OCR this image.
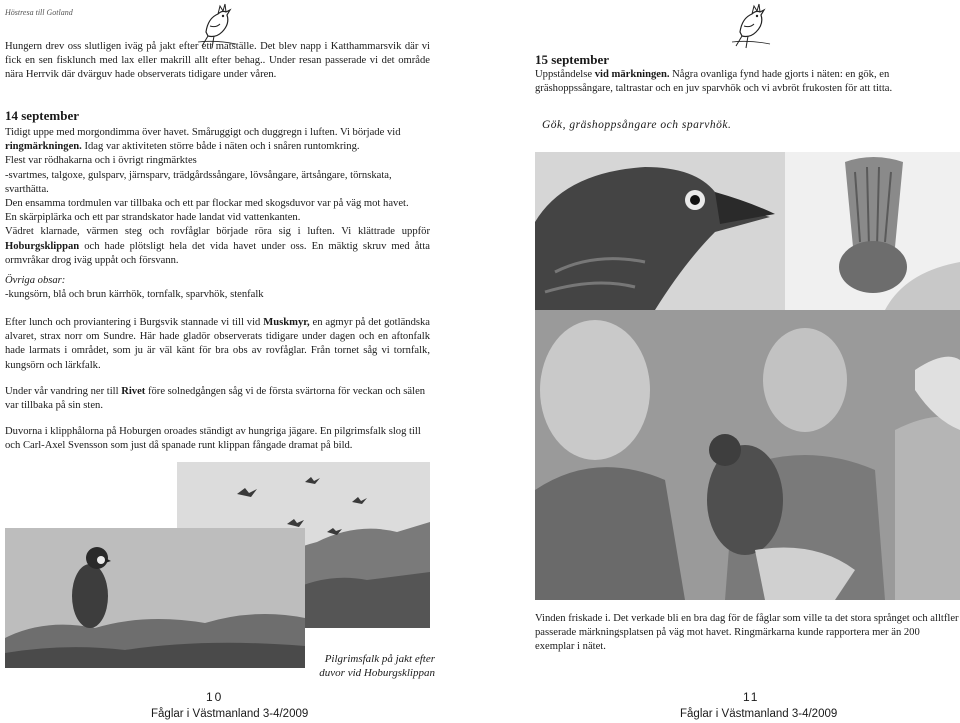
Höstresa till Gotland

Hungern drev oss slutligen iväg på jakt efter ett matställe. Det blev napp i Katthammarsvik där vi fick en sen fisklunch med lax eller makrill allt efter behag.. Under resan passerade vi det område nära Herrvik där dvärguv hade observerats tidigare under våren.

14 september

Tidigt uppe med morgondimma över havet. Småruggigt och duggregn i luften. Vi började vid ringmärkningen. Idag var aktiviteten större både i näten och i snåren runtomkring.

Flest var rödhakarna och i övrigt ringmärktes

-svartmes, talgoxe, gulsparv, järnsparv, trädgårdssångare, lövsångare, ärtsångare, törnskata, svarthätta.

Den ensamma tordmulen var tillbaka och ett par flockar med skogsduvor var på väg mot havet.

En skärpiplärka och ett par strandskator hade landat vid vattenkanten.

Vädret klarnade, värmen steg och rovfåglar började röra sig i luften. Vi klättrade uppför Hoburgsklippan och hade plötsligt hela det vida havet under oss. En mäktig skruv med åtta ormvråkar drog iväg uppåt och försvann.

Övriga obsar:

-kungsörn, blå och brun kärrhök, tornfalk, sparvhök, stenfalk

Efter lunch och proviantering i Burgsvik stannade vi till vid Muskmyr, en agmyr på det gotländska alvaret, strax norr om Sundre. Här hade gladör observerats tidigare under dagen och en aftonfalk hade larmats i området, som ju är väl känt för bra obs av rovfåglar. Från tornet såg vi tornfalk, kungsörn och lärkfalk.

Under vår vandring ner till Rivet före solnedgången såg vi de första svärtorna för veckan och sälen var tillbaka på sin sten.

Duvorna i klipphålorna på Hoburgen oroades ständigt av hungriga jägare. En pilgrimsfalk slog till och Carl-Axel Svensson som just då spanade runt klippan fångade dramat på bild.

Pilgrimsfalk på jakt efter duvor vid Hoburgsklippan
10
Fåglar i Västmanland 3-4/2009
15 september

Uppståndelse vid märkningen. Några ovanliga fynd hade gjorts i näten: en gök, en gräshoppssångare, taltrastar och en juv sparvhök och vi avbröt frukosten för att titta.

Gök, gräshoppsångare och sparvhök.

Vinden friskade i. Det verkade bli en bra dag för de fåglar som ville ta det stora språnget och alltfler passerade märkningsplatsen på väg mot havet. Ringmärkarna kunde rapportera mer än 200 exemplar i nätet.

11
Fåglar i Västmanland 3-4/2009
